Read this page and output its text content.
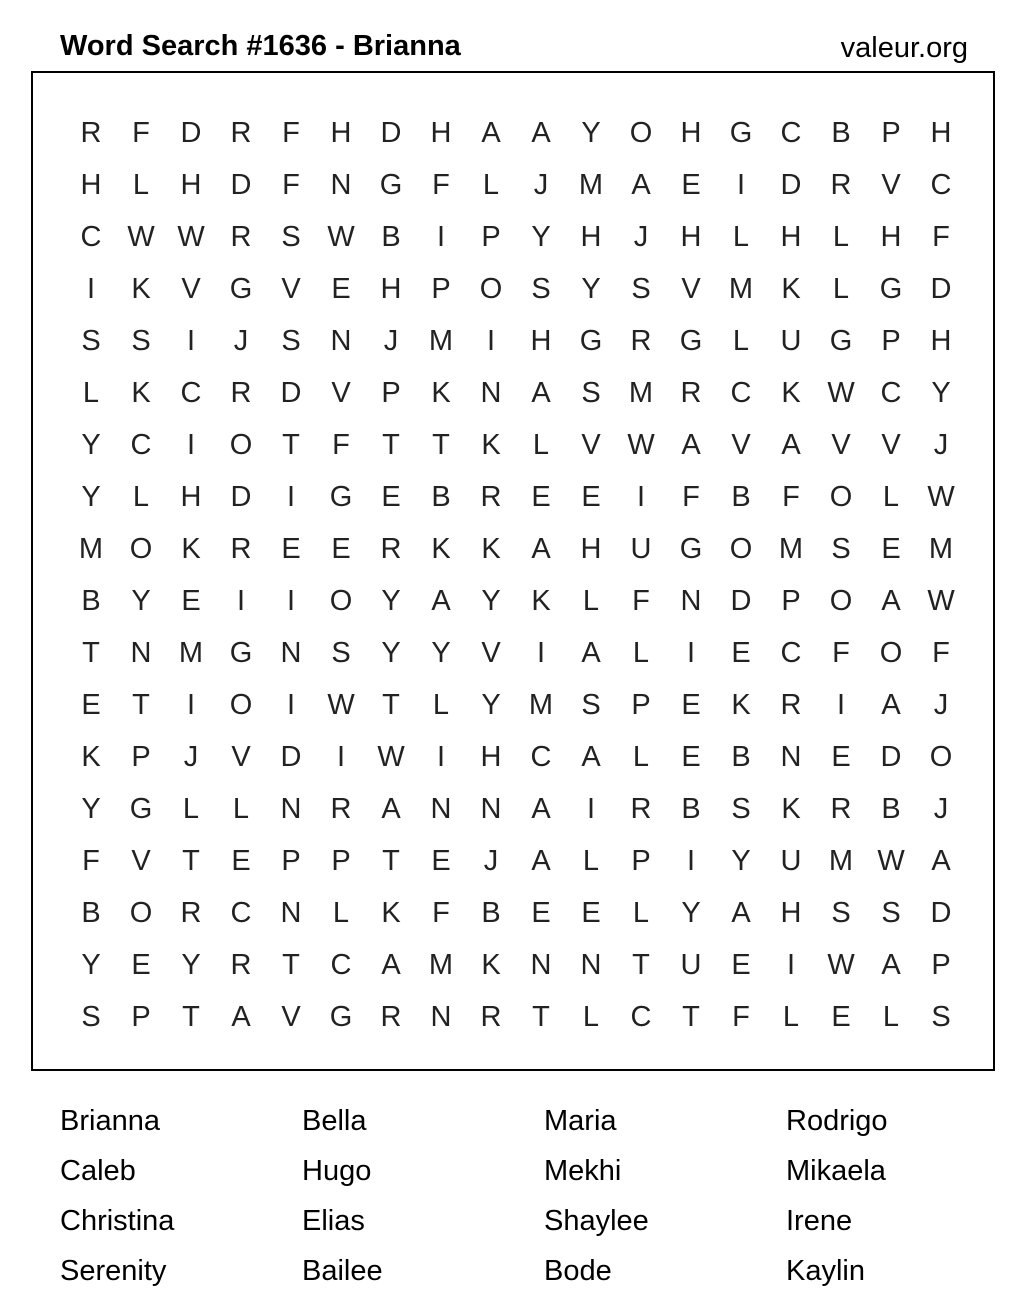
Word Search #1636 - Brianna	valeur.org
R	F	D	R	F	H	D	H	A	A	Y	O H G C	B	P	H
H	L	H	D	F	N G	F	L	J	M A	E	I	D	R	V	C
C W W R	S W B	I	P	Y	H	J	H	L	H	L	H	F
I	K	V	G	V	E	H	P	O	S	Y	S	V M K	L	G D
S	S	I	J	S	N	J	M	I	H G R G	L	U G	P	H
L	K	C	R	D	V	P	K	N	A	S M R	C	K W C	Y
Y	C	I	O	T	F	T	T	K	L	V W A	V	A	V	V	J
Y	L	H	D	I	G	E	B	R	E	E	I	F	B	F	O	L W
M O	K	R	E	E	R	K	K	A	H	U G O M S	E M
B	Y	E	I	I	O	Y	A	Y	K	L	F	N	D	P	O	A W
T	N M G N	S	Y	Y	V	I	A	L	I	E	C	F	O	F
E	T	I	O	I	W T	L	Y M S	P	E	K	R	I	A	J
K	P	J	V	D	I	W	I	H	C	A	L	E	B	N	E	D O
Y	G	L	L	N	R	A	N	N	A	I	R	B	S	K	R	B	J
F	V	T	E	P	P	T	E	J	A	L	P	I	Y	U M W A
B	O R	C	N	L	K	F	B	E	E	L	Y	A	H	S	S	D
Y	E	Y	R	T	C	A M K	N	N	T	U	E	I	W A	P
S	P	T	A	V	G R	N	R	T	L	C	T	F	L	E	L	S
Brianna	Bella	Maria	Rodrigo
Caleb	Hugo	Mekhi	Mikaela
Christina	Elias	Shaylee	Irene
Serenity	Bailee	Bode	Kaylin
